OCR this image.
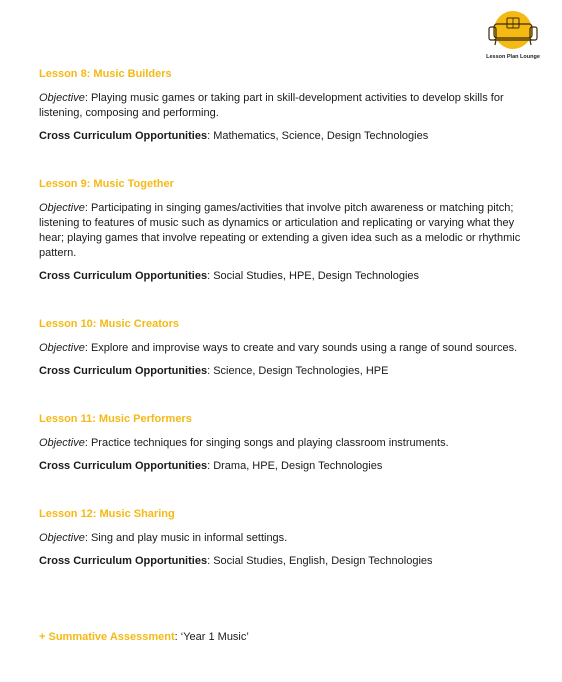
Lesson Plan Lounge

Lesson 8: Music Builders

Objective: Playing music games or taking part in skill-development activities to develop skills for listening, composing and performing.

Cross Curriculum Opportunities: Mathematics, Science, Design Technologies

Lesson 9: Music Together

Objective: Participating in singing games/activities that involve pitch awareness or matching pitch; listening to features of music such as dynamics or articulation and replicating or varying what they hear; playing games that involve repeating or extending a given idea such as a melodic or rhythmic pattern.

Cross Curriculum Opportunities: Social Studies, HPE, Design Technologies

Lesson 10: Music Creators

Objective: Explore and improvise ways to create and vary sounds using a range of sound sources.

Cross Curriculum Opportunities: Science, Design Technologies, HPE

Lesson 11: Music Performers

Objective: Practice techniques for singing songs and playing classroom instruments.

Cross Curriculum Opportunities: Drama, HPE, Design Technologies

Lesson 12: Music Sharing

Objective: Sing and play music in informal settings.

Cross Curriculum Opportunities: Social Studies, English, Design Technologies

+ Summative Assessment: ‘Year 1 Music’
